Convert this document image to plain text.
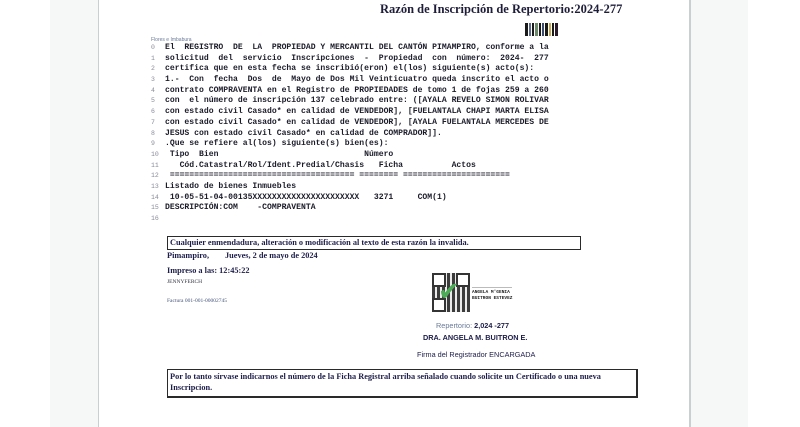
Razón de Inscripción de Repertorio:2024-277
Flores e Imbabura
0	El  REGISTRO  DE  LA  PROPIEDAD Y MERCANTIL DEL CANTÓN PIMAMPIRO, conforme a la
1	solicitud  del  servicio  Inscripciones  -  Propiedad  con  número:  2024-  277
2	certifica que en esta fecha se inscribió(eron) el(los) siguiente(s) acto(s):
3	1.-  Con  fecha  Dos  de  Mayo de Dos Mil Veinticuatro queda inscrito el acto o
4	contrato COMPRAVENTA en el Registro de PROPIEDADES de tomo 1 de fojas 259 a 260
5	con  el número de inscripción 137 celebrado entre: ([AYALA REVELO SIMON ROLIVAR
6	con estado civil Casado* en calidad de VENDEDOR], [FUELANTALA CHAPI MARTA ELISA
7	con estado civil Casado* en calidad de VENDEDOR], [AYALA FUELANTALA MERCEDES DE
8	JESUS con estado civil Casado* en calidad de COMPRADOR]].
9	.Que se refiere al(los) siguiente(s) bien(es):
10 Tipo  Bien                              Número
11 Cód.Catastral/Rol/Ident.Predial/Chasis   Ficha          Actos
12 ====================================== ======== ======================
13 Listado de bienes Inmuebles
14 10-05-51-04-00135XXXXXXXXXXXXXXXXXXXXXX   3271     COM(1)
15 DESCRIPCIÓN:COM    -COMPRAVENTA
16
Cualquier enmendadura, alteración o modificación al texto de esta razón la invalida.
Pimampiro, Jueves, 2 de mayo de 2024
Impreso a las: 12:45:22
JENNYFERCH
Factura 001-001-00002745	✔	ANGELA M'GENIA
BUITRON ESTEVEZ
Repertorio: 2,024 -277
DRA. ANGELA M. BUITRON E.
Firma del Registrador ENCARGADA
Por lo tanto sírvase indicarnos el número de la Ficha Registral arriba señalado cuando solicite un Certificado o una nueva Inscripcion.
